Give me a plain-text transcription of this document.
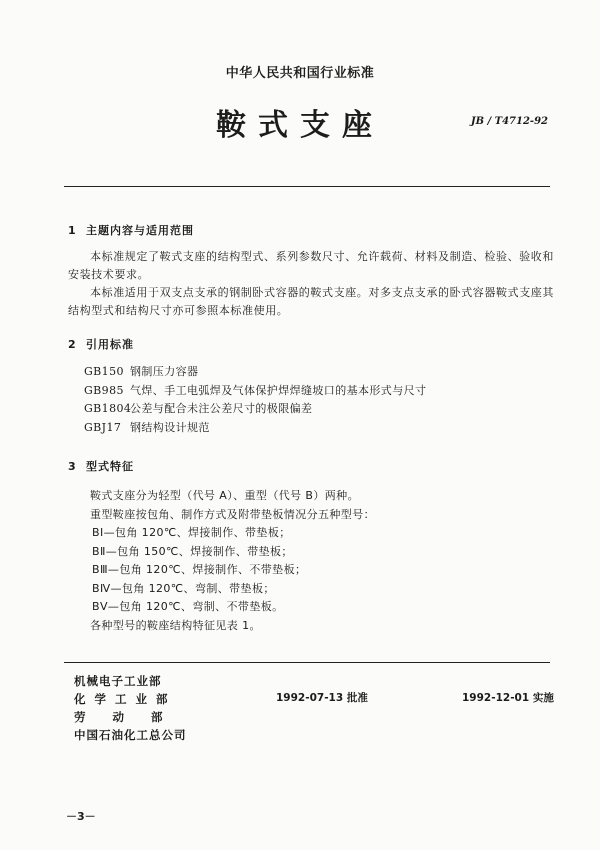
中华人民共和国行业标准
鞍式支座	JB / T4712-92
1 主题内容与适用范围

本标准规定了鞍式支座的结构型式、系列参数尺寸、允许载荷、材料及制造、检验、验收和安装技术要求。

本标准适用于双支点支承的钢制卧式容器的鞍式支座。对多支点支承的卧式容器鞍式支座其结构型式和结构尺寸亦可参照本标准使用。

2 引用标准
GB150 钢制压力容器
GB985 气焊、手工电弧焊及气体保护焊焊缝坡口的基本形式与尺寸
GB1804公差与配合未注公差尺寸的极限偏差
GBJ17 钢结构设计规范
3 型式特征
鞍式支座分为轻型（代号 A）、重型（代号 B）两种。
重型鞍座按包角、制作方式及附带垫板情况分五种型号：
BⅠ—包角 120℃、焊接制作、带垫板；
BⅡ—包角 150℃、焊接制作、带垫板；
BⅢ—包角 120℃、焊接制作、不带垫板；
BⅣ—包角 120℃、弯制、带垫板；
BⅤ—包角 120℃、弯制、不带垫板。
各种型号的鞍座结构特征见表 1。
机械电子工业部
化学工业部
劳动部
中国石油化工总公司
1992-07-13 批准	1992-12-01 实施
－3－
